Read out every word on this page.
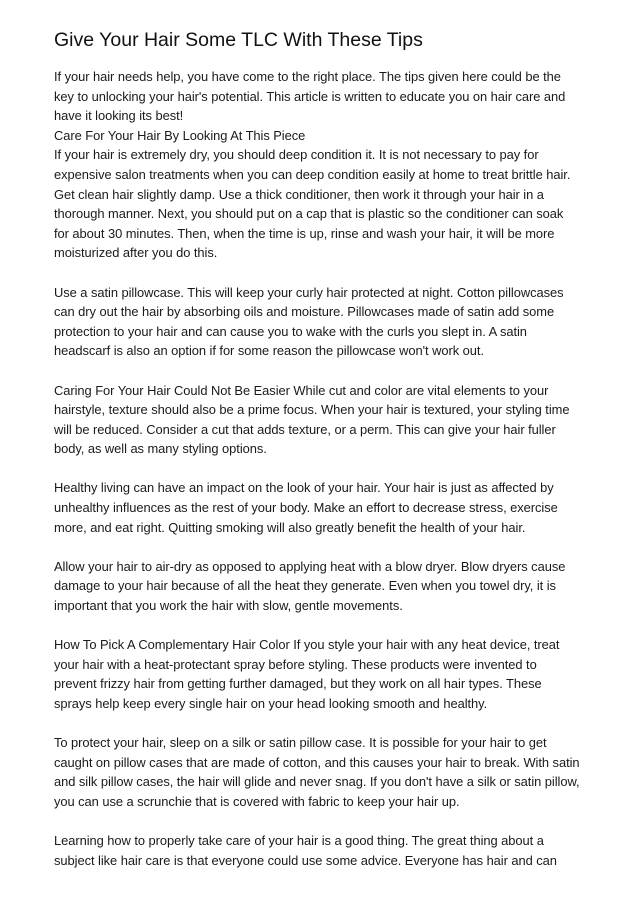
Give Your Hair Some TLC With These Tips

If your hair needs help, you have come to the right place. The tips given here could be the
key to unlocking your hair's potential. This article is written to educate you on hair care and
have it looking its best!

Care For Your Hair By Looking At This Piece

If your hair is extremely dry, you should deep condition it. It is not necessary to pay for
expensive salon treatments when you can deep condition easily at home to treat brittle hair.
Get clean hair slightly damp. Use a thick conditioner, then work it through your hair in a
thorough manner. Next, you should put on a cap that is plastic so the conditioner can soak
for about 30 minutes. Then, when the time is up, rinse and wash your hair, it will be more
moisturized after you do this.

Use a satin pillowcase. This will keep your curly hair protected at night. Cotton pillowcases
can dry out the hair by absorbing oils and moisture. Pillowcases made of satin add some
protection to your hair and can cause you to wake with the curls you slept in. A satin
headscarf is also an option if for some reason the pillowcase won't work out.

Caring For Your Hair Could Not Be Easier While cut and color are vital elements to your
hairstyle, texture should also be a prime focus. When your hair is textured, your styling time
will be reduced. Consider a cut that adds texture, or a perm. This can give your hair fuller
body, as well as many styling options.

Healthy living can have an impact on the look of your hair. Your hair is just as affected by
unhealthy influences as the rest of your body. Make an effort to decrease stress, exercise
more, and eat right. Quitting smoking will also greatly benefit the health of your hair.

Allow your hair to air-dry as opposed to applying heat with a blow dryer. Blow dryers cause
damage to your hair because of all the heat they generate. Even when you towel dry, it is
important that you work the hair with slow, gentle movements.

How To Pick A Complementary Hair Color If you style your hair with any heat device, treat
your hair with a heat-protectant spray before styling. These products were invented to
prevent frizzy hair from getting further damaged, but they work on all hair types. These
sprays help keep every single hair on your head looking smooth and healthy.

To protect your hair, sleep on a silk or satin pillow case. It is possible for your hair to get
caught on pillow cases that are made of cotton, and this causes your hair to break. With satin
and silk pillow cases, the hair will glide and never snag. If you don't have a silk or satin pillow,
you can use a scrunchie that is covered with fabric to keep your hair up.

Learning how to properly take care of your hair is a good thing. The great thing about a
subject like hair care is that everyone could use some advice. Everyone has hair and can
